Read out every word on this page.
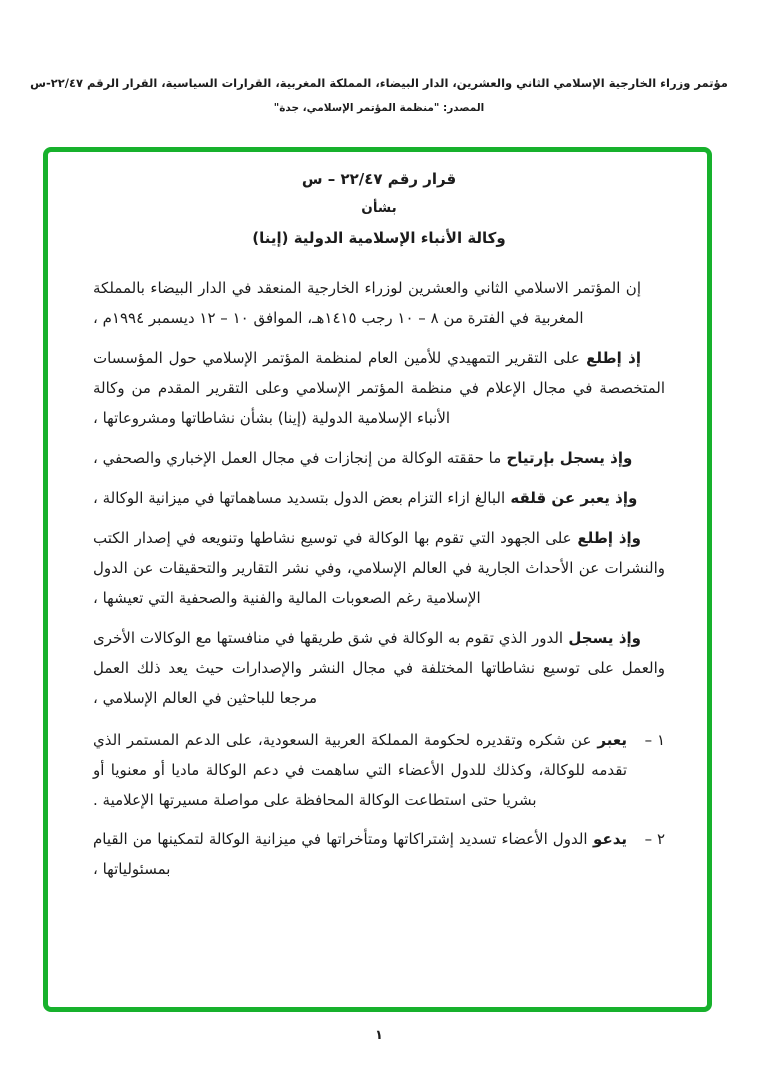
مؤتمر وزراء الخارجية الإسلامي الثاني والعشرين، الدار البيضاء، المملكة المغربية، القرارات السياسية، القرار الرقم ٢٢/٤٧-س
المصدر: "منظمة المؤتمر الإسلامي، جدة"
قرار رقم ٢٢/٤٧ – س
بشأن
وكالة الأنباء الإسلامية الدولية (إينا)

إن المؤتمر الاسلامي الثاني والعشرين لوزراء الخارجية المنعقد في الدار البيضاء بالمملكة المغربية في الفترة من ٨ – ١٠ رجب ١٤١٥هـ، الموافق ١٠ – ١٢ ديسمبر ١٩٩٤م ،

إذ إطلععلى التقرير التمهيدي للأمين العام لمنظمة المؤتمر الإسلامي حول المؤسسات المتخصصة في مجال الإعلام في منظمة المؤتمر الإسلامي وعلى التقرير المقدم من وكالة الأنباء الإسلامية الدولية (إينا) بشأن نشاطاتها ومشروعاتها ،

وإذ يسجل بإرتياحما حققته الوكالة من إنجازات في مجال العمل الإخباري والصحفي ،

وإذ يعبر عن قلقهالبالغ ازاء التزام بعض الدول بتسديد مساهماتها في ميزانية الوكالة ،

وإذ إطلععلى الجهود التي تقوم بها الوكالة في توسيع نشاطها وتنويعه في إصدار الكتب والنشرات عن الأحداث الجارية في العالم الإسلامي، وفي نشر التقارير والتحقيقات عن الدول الإسلامية رغم الصعوبات المالية والفنية والصحفية التي تعيشها ،

وإذ يسجلالدور الذي تقوم به الوكالة في شق طريقها في منافستها مع الوكالات الأخرى والعمل على توسيع نشاطاتها المختلفة في مجال النشر والإصدارات حيث يعد ذلك العمل مرجعا للباحثين في العالم الإسلامي ،

١ –

يعبرعن شكره وتقديره لحكومة المملكة العربية السعودية، على الدعم المستمر الذي تقدمه للوكالة، وكذلك للدول الأعضاء التي ساهمت في دعم الوكالة ماديا أو معنويا أو بشريا حتى استطاعت الوكالة المحافظة على مواصلة مسيرتها الإعلامية .

٢ –

يدعوالدول الأعضاء تسديد إشتراكاتها ومتأخراتها في ميزانية الوكالة لتمكينها من القيام بمسئولياتها ،

١
